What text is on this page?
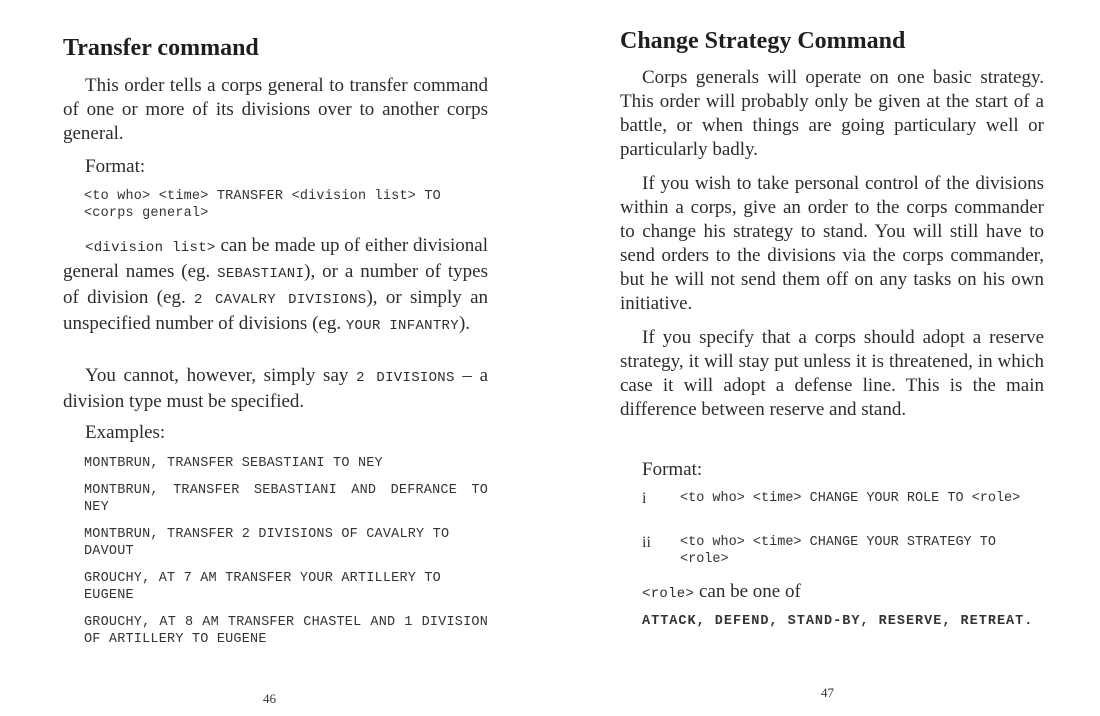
Transfer command

This order tells a corps general to transfer command of one or more of its divisions over to another corps general.

Format:

<to who> <time> TRANSFER <division list> TO <corps general>

<division list> can be made up of either divisional general names (eg. SEBASTIANI), or a number of types of division (eg. 2 CAVALRY DIVISIONS), or simply an unspecified number of divisions (eg. YOUR INFANTRY).

You cannot, however, simply say 2 DIVISIONS – a division type must be specified.

Examples:

MONTBRUN, TRANSFER SEBASTIANI TO NEY

MONTBRUN, TRANSFER SEBASTIANI AND DEFRANCE TO NEY

MONTBRUN, TRANSFER 2 DIVISIONS OF CAVALRY TO DAVOUT

GROUCHY, AT 7 AM TRANSFER YOUR ARTILLERY TO EUGENE

GROUCHY, AT 8 AM TRANSFER CHASTEL AND 1 DIVISION OF ARTILLERY TO EUGENE

46
Change Strategy Command

Corps generals will operate on one basic strategy. This order will probably only be given at the start of a battle, or when things are going particulary well or particularly badly.

If you wish to take personal control of the divisions within a corps, give an order to the corps commander to change his strategy to stand. You will still have to send orders to the divisions via the corps commander, but he will not send them off on any tasks on his own initiative.

If you specify that a corps should adopt a reserve strategy, it will stay put unless it is threatened, in which case it will adopt a defense line. This is the main difference between reserve and stand.

Format:

i <to who> <time> CHANGE YOUR ROLE TO <role>
ii <to who> <time> CHANGE YOUR STRATEGY TO <role>

<role> can be one of

ATTACK, DEFEND, STAND-BY, RESERVE, RETREAT.

47
